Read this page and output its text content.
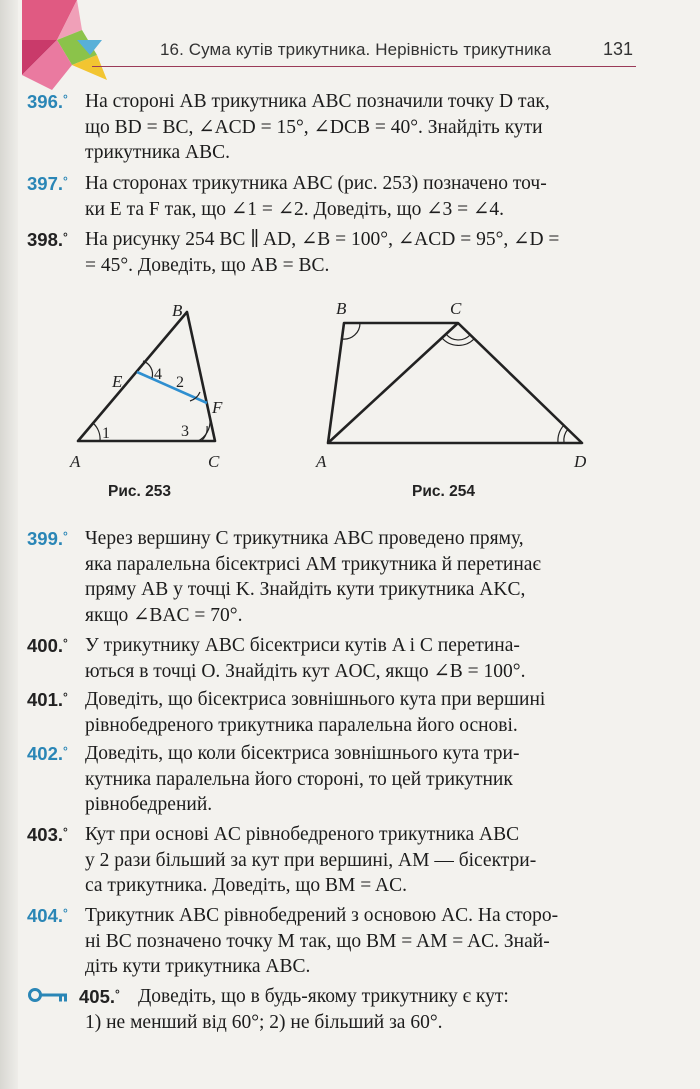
16. Сума кутів трикутника. Нерівність трикутника	131
396.° На стороні AB трикутника ABC позначили точку D так,
що BD = BC, ∠ACD = 15°, ∠DCB = 40°. Знайдіть кути
трикутника ABC.
397.° На сторонах трикутника ABC (рис. 253) позначено точ-
ки E та F так, що ∠1 = ∠2. Доведіть, що ∠3 = ∠4.
398.° На рисунку 254 BC ∥ AD, ∠B = 100°, ∠ACD = 95°, ∠D =
= 45°. Доведіть, що AB = BC.
B
E
F
A	C
1
2
3
4
Рис. 253
B	C
A	D
Рис. 254
399.° Через вершину C трикутника ABC проведено пряму,
яка паралельна бісектрисі AM трикутника й перетинає
пряму AB у точці K. Знайдіть кути трикутника AKC,
якщо ∠BAC = 70°.
400.° У трикутнику ABC бісектриси кутів A і C перетина-
ються в точці O. Знайдіть кут AOC, якщо ∠B = 100°.
401.° Доведіть, що бісектриса зовнішнього кута при вершині
рівнобедреного трикутника паралельна його основі.
402.° Доведіть, що коли бісектриса зовнішнього кута три-
кутника паралельна його стороні, то цей трикутник
рівнобедрений.
403.° Кут при основі AC рівнобедреного трикутника ABC
у 2 рази більший за кут при вершині, AM — бісектри-
са трикутника. Доведіть, що BM = AC.
404.° Трикутник ABC рівнобедрений з основою AC. На сторо-
ні BC позначено точку M так, що BM = AM = AC. Знай-
діть кути трикутника ABC.
405.° Доведіть, що в будь-якому трикутнику є кут:
1) не менший від 60°; 2) не більший за 60°.
